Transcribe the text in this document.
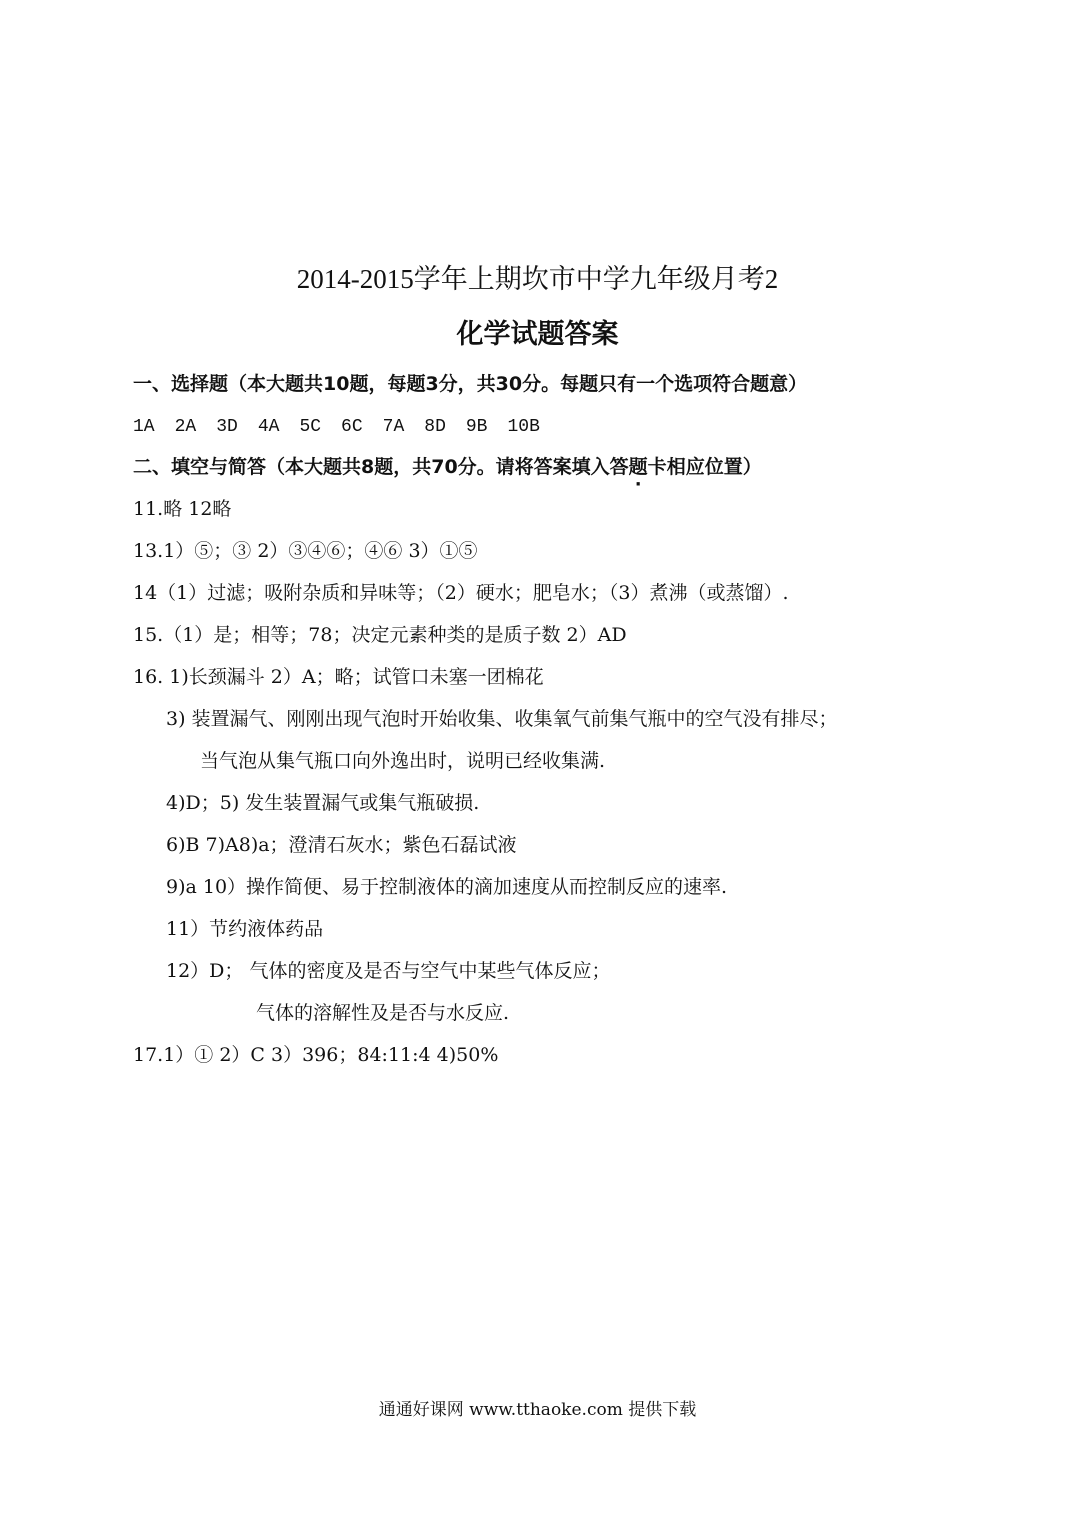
2014-2015学年上期坎市中学九年级月考2
化学试题答案
一、选择题（本大题共10题，每题3分，共30分。每题只有一个选项符合题意）
1A 2A 3D 4A 5C 6C 7A 8D 9B 10B
二、填空与简答（本大题共8题，共70分。请将答案填入答题卡相应位置）
11.略 12略
13.1）⑤；③ 2）③④⑥；④⑥ 3）①⑤
14（1）过滤；吸附杂质和异味等；（2）硬水；肥皂水；（3）煮沸（或蒸馏）.
15.（1）是；相等；78；决定元素种类的是质子数 2）AD
16. 1)长颈漏斗 2）A；略；试管口未塞一团棉花
3) 装置漏气、刚刚出现气泡时开始收集、收集氧气前集气瓶中的空气没有排尽；
当气泡从集气瓶口向外逸出时，说明已经收集满.
4)D；5) 发生装置漏气或集气瓶破损.
6)B 7)A8)a；澄清石灰水；紫色石磊试液
9)a 10）操作简便、易于控制液体的滴加速度从而控制反应的速率.
11）节约液体药品
12）D； 气体的密度及是否与空气中某些气体反应；
气体的溶解性及是否与水反应.
17.1）① 2）C 3）396；84:11:4 4)50%
通通好课网 www.tthaoke.com 提供下载
